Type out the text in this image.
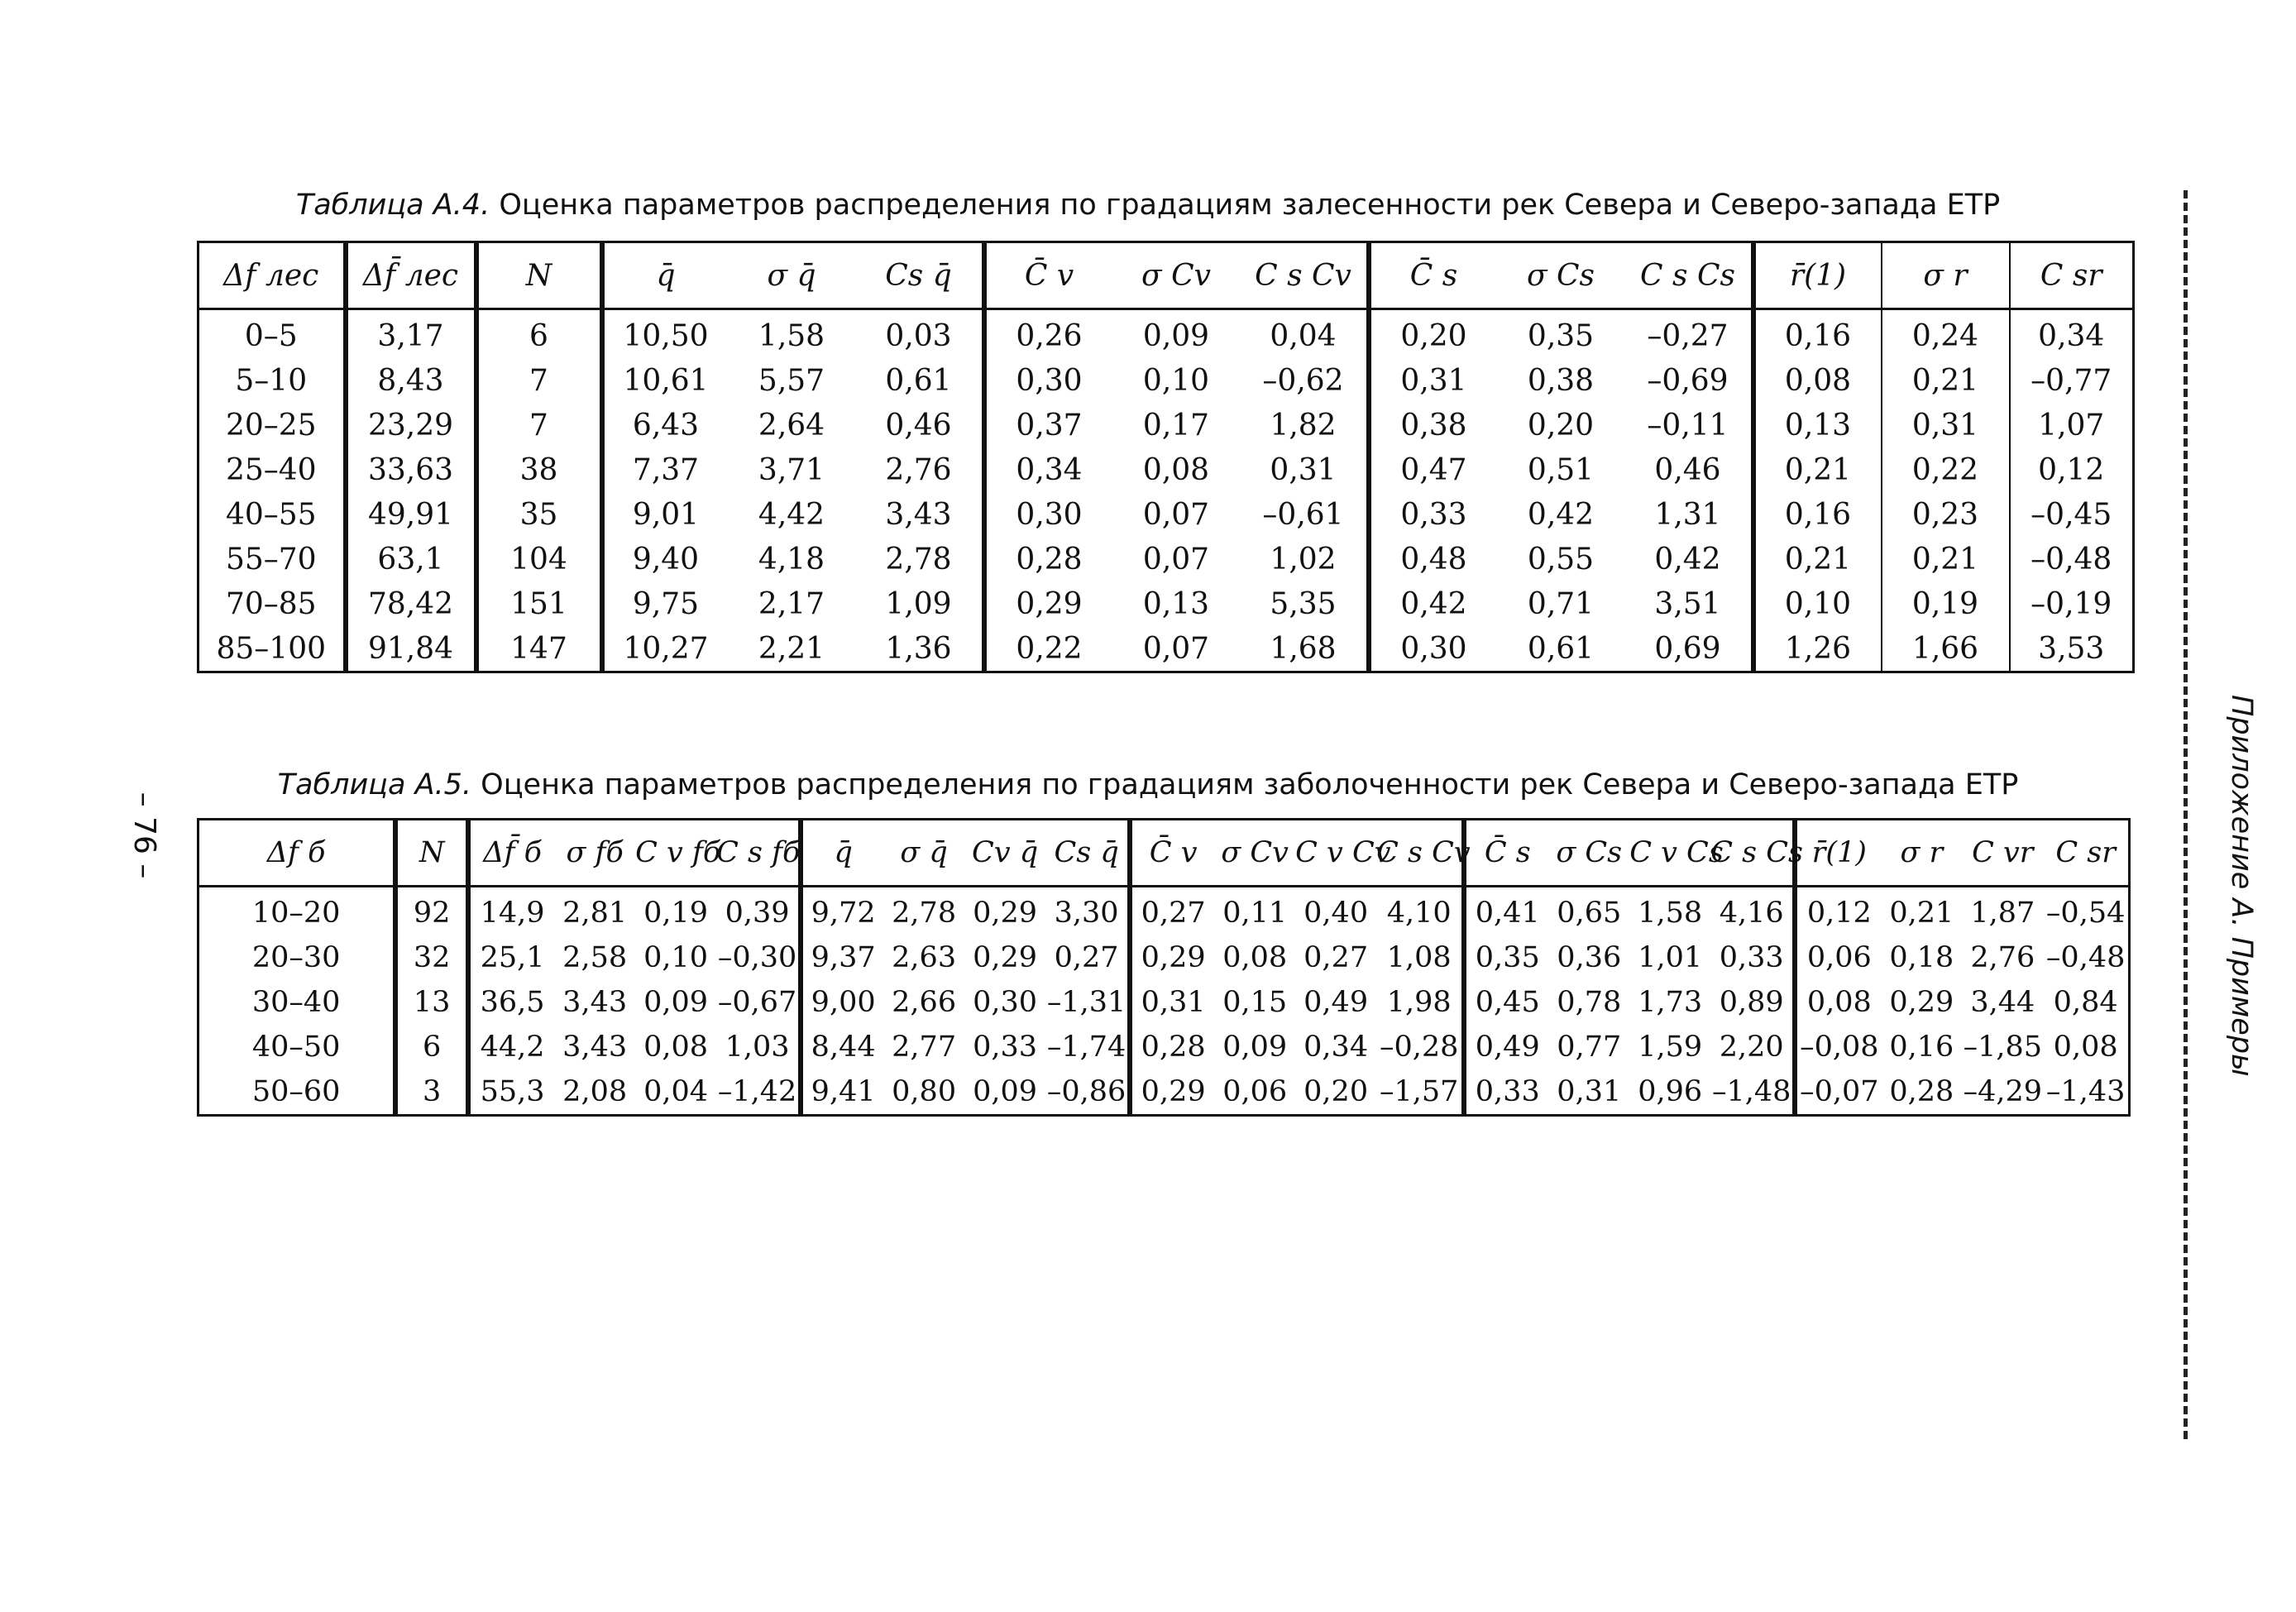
Таблица А.4. Оценка параметров распределения по градациям залесенности рек Севера и Северо-запада ЕТР
Δf лес	Δf̄ лес	N	q̄	σ q̄	Cs q̄	C̄ v	σ Cv	C s Cv	C̄ s	σ Cs	C s Cs	r̄(1)	σ r	C sr
0–5	3,17	6	10,50	1,58	0,03	0,26	0,09	0,04	0,20	0,35	–0,27	0,16	0,24	0,34
5–10	8,43	7	10,61	5,57	0,61	0,30	0,10	–0,62	0,31	0,38	–0,69	0,08	0,21	–0,77
20–25	23,29	7	6,43	2,64	0,46	0,37	0,17	1,82	0,38	0,20	–0,11	0,13	0,31	1,07
25–40	33,63	38	7,37	3,71	2,76	0,34	0,08	0,31	0,47	0,51	0,46	0,21	0,22	0,12
40–55	49,91	35	9,01	4,42	3,43	0,30	0,07	–0,61	0,33	0,42	1,31	0,16	0,23	–0,45
55–70	63,1	104	9,40	4,18	2,78	0,28	0,07	1,02	0,48	0,55	0,42	0,21	0,21	–0,48
70–85	78,42	151	9,75	2,17	1,09	0,29	0,13	5,35	0,42	0,71	3,51	0,10	0,19	–0,19
85–100	91,84	147	10,27	2,21	1,36	0,22	0,07	1,68	0,30	0,61	0,69	1,26	1,66	3,53
Таблица А.5. Оценка параметров распределения по градациям заболоченности рек Севера и Северо-запада ЕТР
Δf б	N	Δf̄ б	σ fб	C v fб	C s fб	q̄	σ q̄	Cv q̄	Cs q̄	C̄ v	σ Cv	C v Cv	C s Cv	C̄ s	σ Cs	C v Cs	C s Cs	r̄(1)	σ r	C vr	C sr
10–20	92	14,9	2,81	0,19	0,39	9,72	2,78	0,29	3,30	0,27	0,11	0,40	4,10	0,41	0,65	1,58	4,16	0,12	0,21	1,87	–0,54
20–30	32	25,1	2,58	0,10	–0,30	9,37	2,63	0,29	0,27	0,29	0,08	0,27	1,08	0,35	0,36	1,01	0,33	0,06	0,18	2,76	–0,48
30–40	13	36,5	3,43	0,09	–0,67	9,00	2,66	0,30	–1,31	0,31	0,15	0,49	1,98	0,45	0,78	1,73	0,89	0,08	0,29	3,44	0,84
40–50	6	44,2	3,43	0,08	1,03	8,44	2,77	0,33	–1,74	0,28	0,09	0,34	–0,28	0,49	0,77	1,59	2,20	–0,08	0,16	–1,85	0,08
50–60	3	55,3	2,08	0,04	–1,42	9,41	0,80	0,09	–0,86	0,29	0,06	0,20	–1,57	0,33	0,31	0,96	–1,48	–0,07	0,28	–4,29	–1,43
– 76 –	Приложение А. Примеры
